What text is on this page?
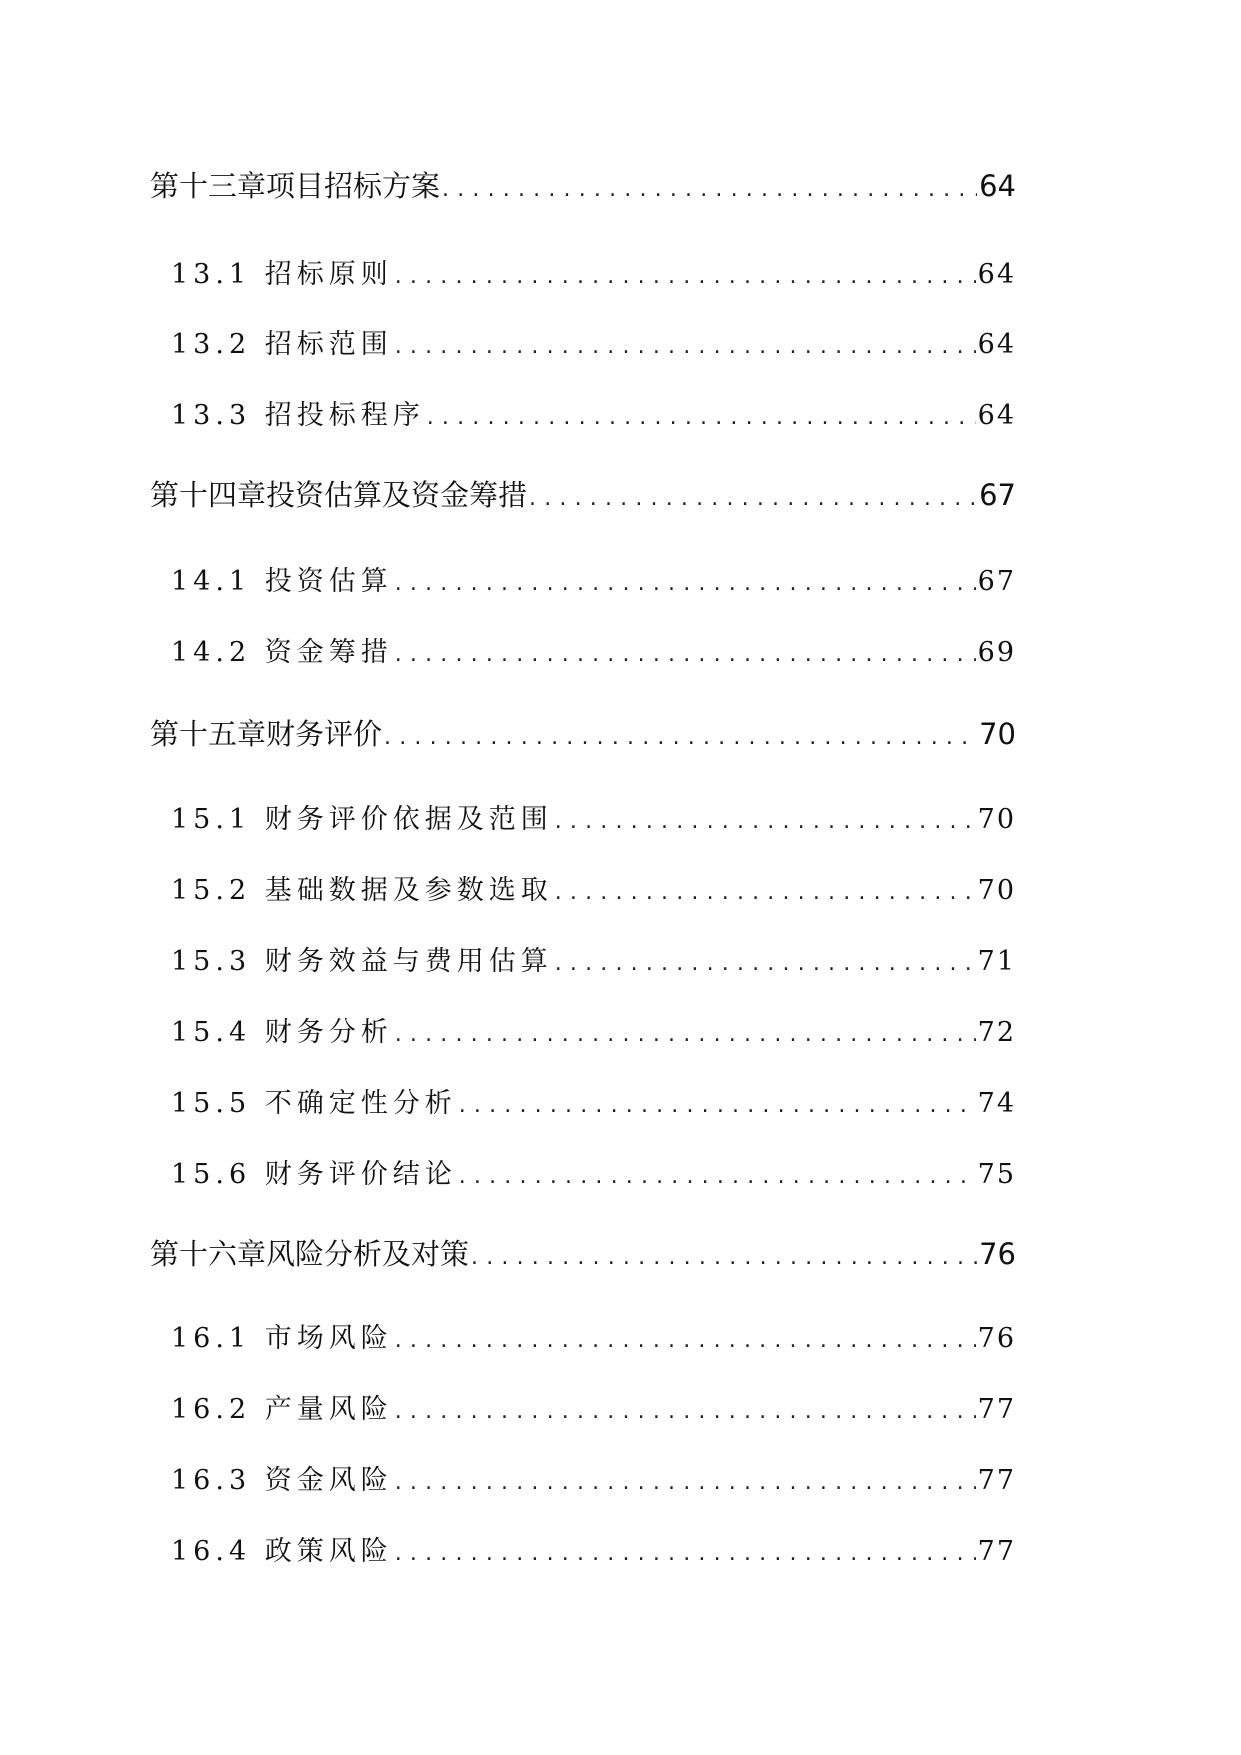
第十三章 项目招标方案 . . .	64
13.1 招标原则 . . .	64
13.2 招标范围 . . .	64
13.3 招投标程序 . . .	64
第十四章 投资估算及资金筹措 . . .	67
14.1 投资估算 . . .	67
14.2 资金筹措 . . .	69
第十五章 财务评价 . . .	70
15.1 财务评价依据及范围 . . .	70
15.2 基础数据及参数选取 . . .	70
15.3 财务效益与费用估算 . . .	71
15.4 财务分析 . . .	72
15.5 不确定性分析 . . .	74
15.6 财务评价结论 . . .	75
第十六章 风险分析及对策 . . .	76
16.1 市场风险 . . .	76
16.2 产量风险 . . .	77
16.3 资金风险 . . .	77
16.4 政策风险 . . .	77
